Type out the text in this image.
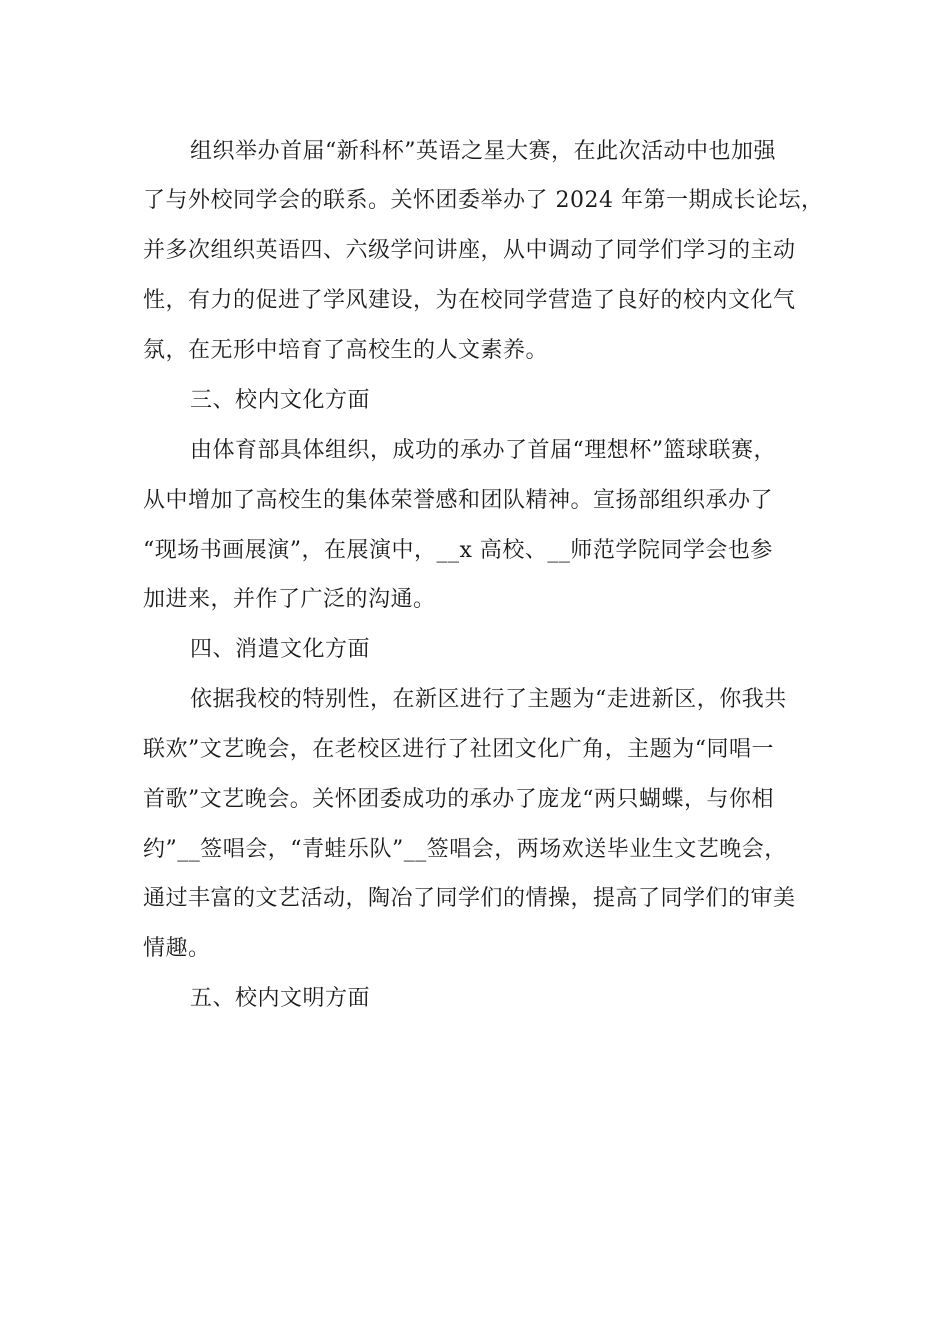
组织举办首届“新科杯”英语之星大赛，在此次活动中也加强
了与外校同学会的联系。关怀团委举办了 2024 年第一期成长论坛，
并多次组织英语四、六级学问讲座，从中调动了同学们学习的主动
性，有力的促进了学风建设，为在校同学营造了良好的校内文化气
氛，在无形中培育了高校生的人文素养。
三、校内文化方面
由体育部具体组织，成功的承办了首届“理想杯”篮球联赛，
从中增加了高校生的集体荣誉感和团队精神。宣扬部组织承办了
“现场书画展演”，在展演中，__x 高校、__师范学院同学会也参
加进来，并作了广泛的沟通。
四、消遣文化方面
依据我校的特别性，在新区进行了主题为“走进新区，你我共
联欢”文艺晚会，在老校区进行了社团文化广角，主题为“同唱一
首歌”文艺晚会。关怀团委成功的承办了庞龙“两只蝴蝶，与你相
约”__签唱会，“青蛙乐队”__签唱会，两场欢送毕业生文艺晚会，
通过丰富的文艺活动，陶冶了同学们的情操，提高了同学们的审美
情趣。
五、校内文明方面
